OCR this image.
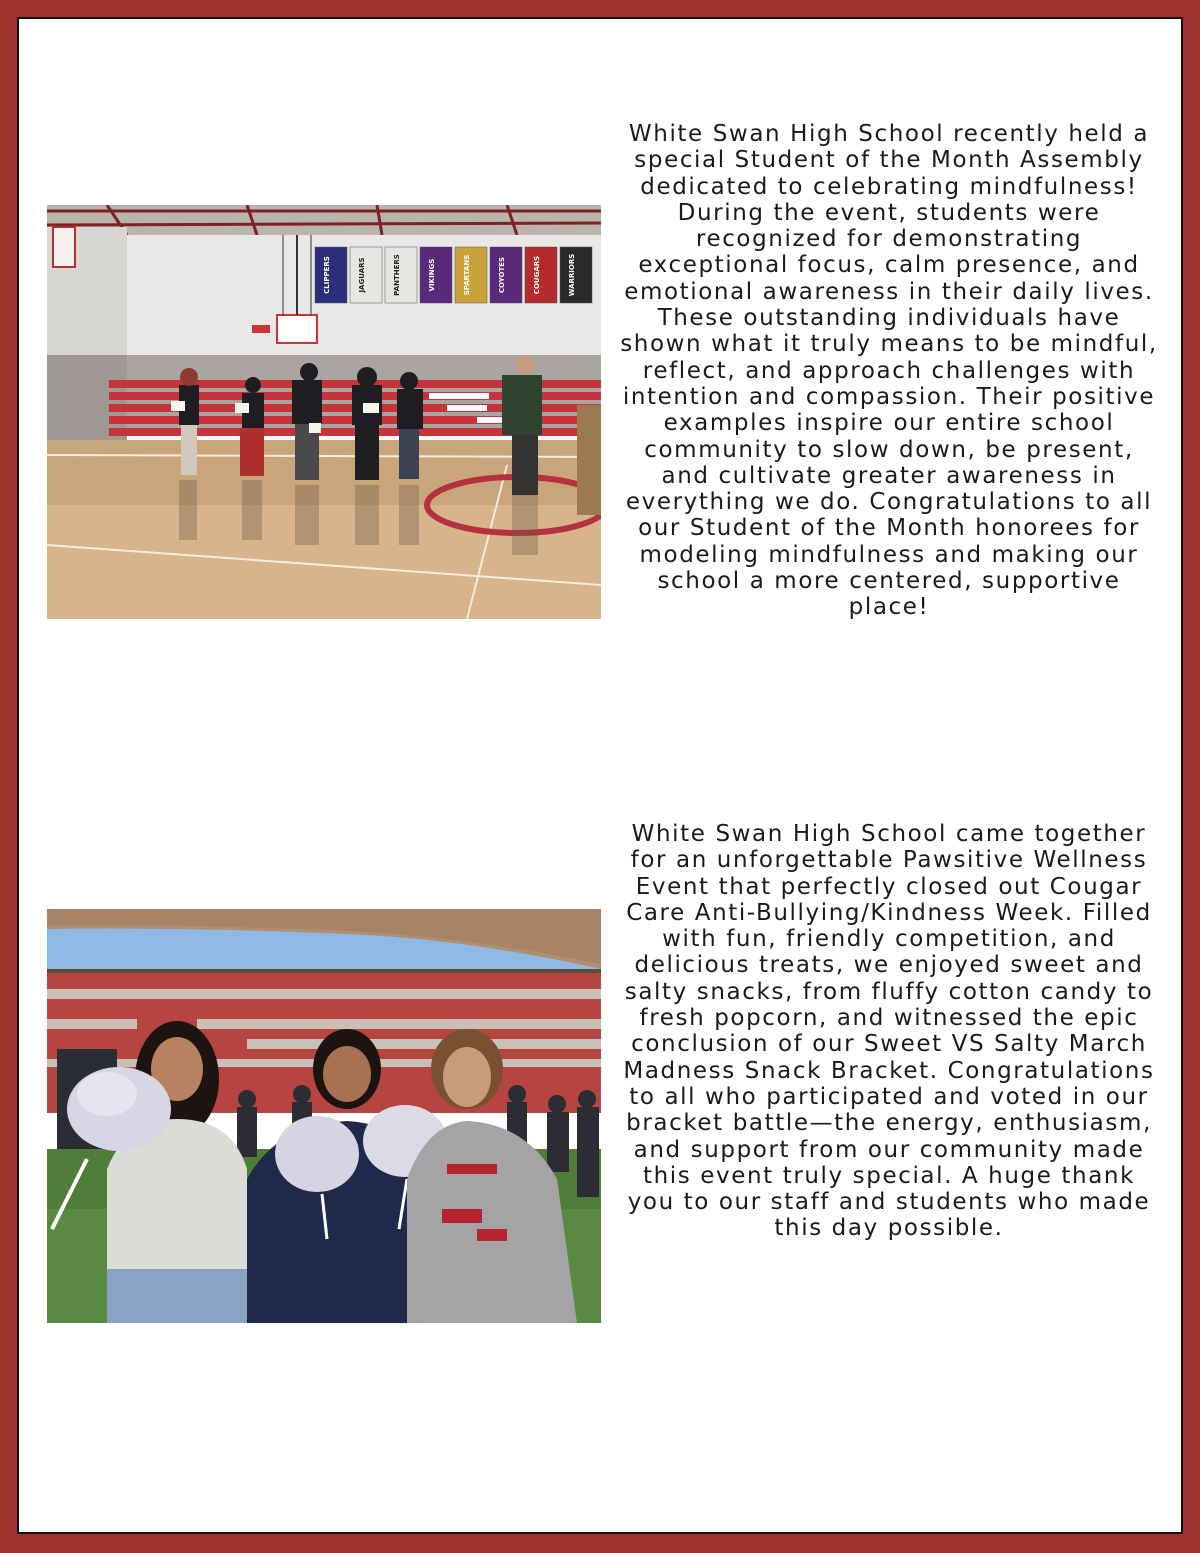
CLIPPERS	JAGUARS	PANTHERS	VIKINGS	SPARTANS	COYOTES	COUGARS	WARRIORS

White Swan High School recently held a special Student of the Month Assembly dedicated to celebrating mindfulness! During the event, students were recognized for demonstrating exceptional focus, calm presence, and emotional awareness in their daily lives. These outstanding individuals have shown what it truly means to be mindful, reflect, and approach challenges with intention and compassion. Their positive examples inspire our entire school community to slow down, be present, and cultivate greater awareness in everything we do. Congratulations to all our Student of the Month honorees for modeling mindfulness and making our school a more centered, supportive place!

White Swan High School came together for an unforgettable Pawsitive Wellness Event that perfectly closed out Cougar Care Anti-Bullying/Kindness Week. Filled with fun, friendly competition, and delicious treats, we enjoyed sweet and salty snacks, from fluffy cotton candy to fresh popcorn, and witnessed the epic conclusion of our Sweet VS Salty March Madness Snack Bracket. Congratulations to all who participated and voted in our bracket battle—the energy, enthusiasm, and support from our community made this event truly special. A huge thank you to our staff and students who made this day possible.
